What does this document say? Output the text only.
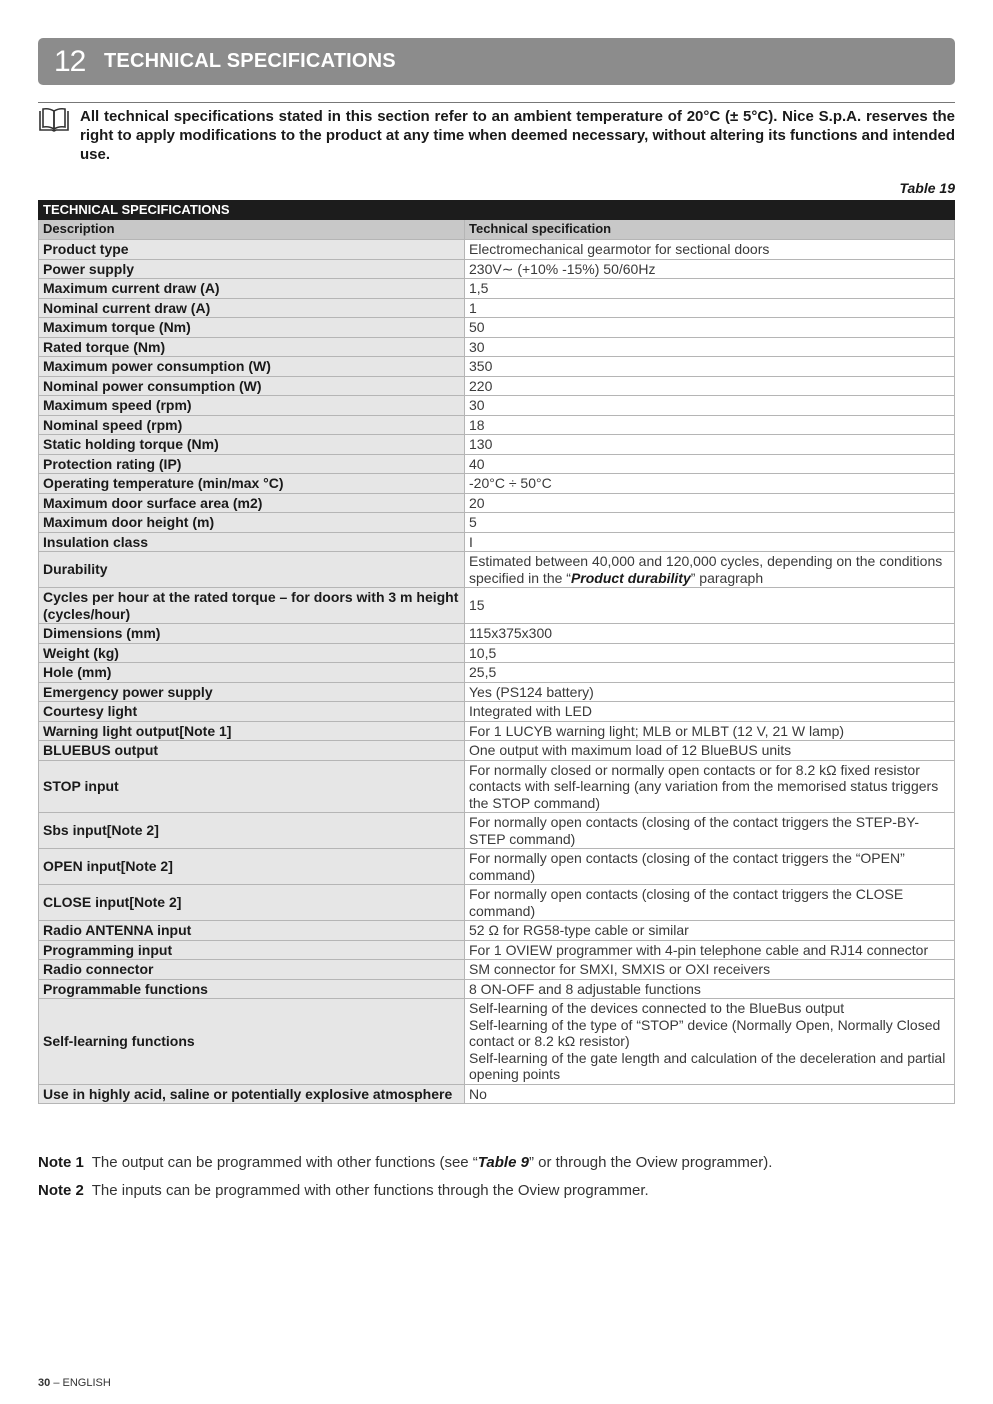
12 TECHNICAL SPECIFICATIONS
All technical specifications stated in this section refer to an ambient temperature of 20°C (± 5°C). Nice S.p.A. reserves the right to apply modifications to the product at any time when deemed necessary, without altering its functions and intended use.
Table 19
TECHNICAL SPECIFICATIONS	
Description	Technical specification
Product type	Electromechanical gearmotor for sectional doors
Power supply	230V∼ (+10% -15%) 50/60Hz
Maximum current draw (A)	1,5
Nominal current draw (A)	1
Maximum torque (Nm)	50
Rated torque (Nm)	30
Maximum power consumption (W)	350
Nominal power consumption (W)	220
Maximum speed (rpm)	30
Nominal speed (rpm)	18
Static holding torque (Nm)	130
Protection rating (IP)	40
Operating temperature (min/max °C)	-20°C ÷ 50°C
Maximum door surface area (m2)	20
Maximum door height (m)	5
Insulation class	I
Durability	Estimated between 40,000 and 120,000 cycles, depending on the conditions specified in the “Product durability” paragraph
Cycles per hour at the rated torque – for doors with 3 m height (cycles/hour)	15
Dimensions (mm)	115x375x300
Weight (kg)	10,5
Hole (mm)	25,5
Emergency power supply	Yes (PS124 battery)
Courtesy light	Integrated with LED
Warning light output[Note 1]	For 1 LUCYB warning light; MLB or MLBT (12 V, 21 W lamp)
BLUEBUS output	One output with maximum load of 12 BlueBUS units
STOP input	For normally closed or normally open contacts or for 8.2 kΩ fixed resistor contacts with self-learning (any variation from the memorised status triggers the STOP command)
Sbs input[Note 2]	For normally open contacts (closing of the contact triggers the STEP-BY-STEP command)
OPEN input[Note 2]	For normally open contacts (closing of the contact triggers the “OPEN” command)
CLOSE input[Note 2]	For normally open contacts (closing of the contact triggers the CLOSE command)
Radio ANTENNA input	52 Ω for RG58-type cable or similar
Programming input	For 1 OVIEW programmer with 4-pin telephone cable and RJ14 connector
Radio connector	SM connector for SMXI, SMXIS or OXI receivers
Programmable functions	8 ON-OFF and 8 adjustable functions
Self-learning functions	Self-learning of the devices connected to the BlueBus output
Self-learning of the type of “STOP” device (Normally Open, Normally Closed contact or 8.2 kΩ resistor)
Self-learning of the gate length and calculation of the deceleration and partial opening points

Use in highly acid, saline or potentially explosive atmosphere	No
Note 1 The output can be programmed with other functions (see “Table 9” or through the Oview programmer).
Note 2 The inputs can be programmed with other functions through the Oview programmer.
30 – ENGLISH
